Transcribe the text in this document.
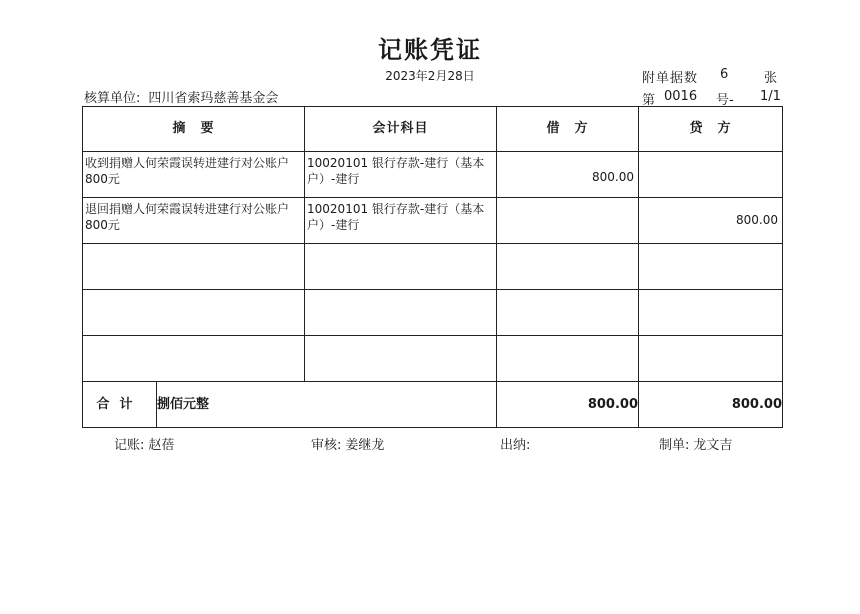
记账凭证
2023年2月28日	附单据数 6	张
核算单位: 四川省索玛慈善基金会	第 0016 号- 1/1
摘　要		会计科目	借　方	贷　方

收到捐赠人何荣霞误转进建行对公账户800元		10020101 银行存款-建行（基本户）-建行	800.00	

退回捐赠人何荣霞误转进建行对公账户800元		10020101 银行存款-建行（基本户）-建行		800.00

合计	捌佰元整		800.00	800.00
记账: 赵蓓	审核: 姜继龙	出纳:	制单: 龙文吉
